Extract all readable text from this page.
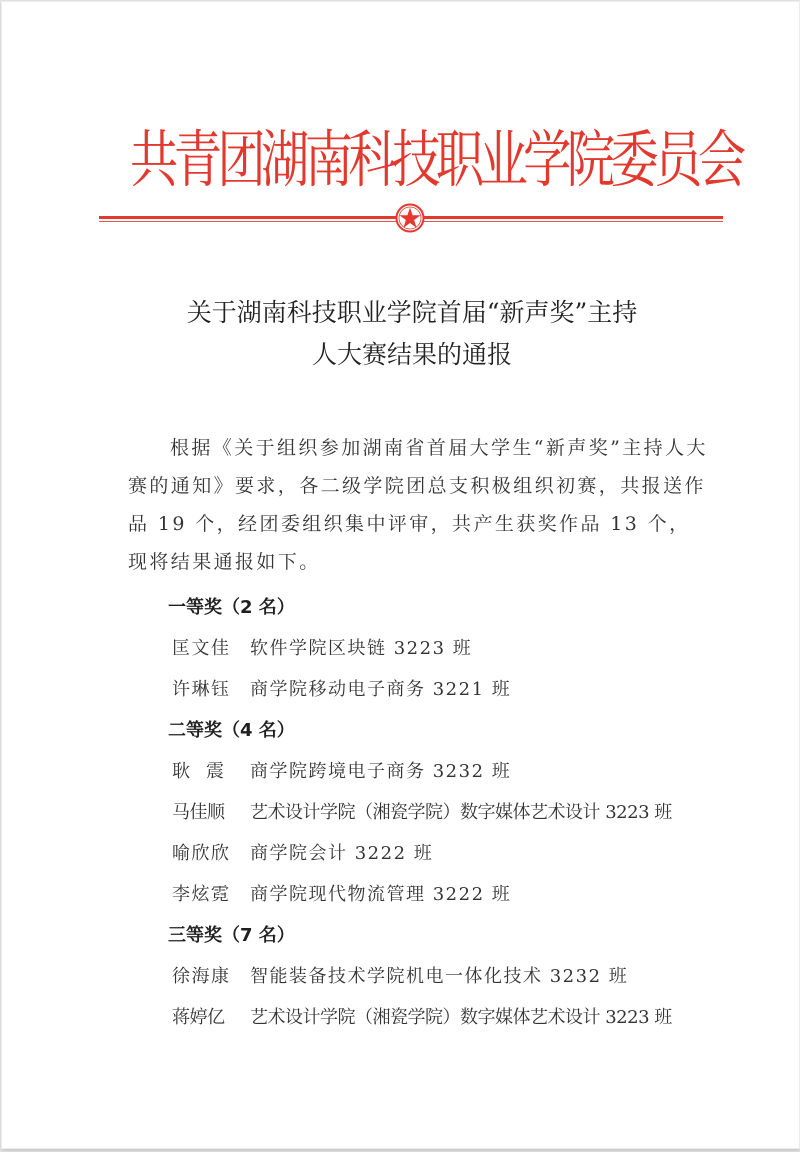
共青团湖南科技职业学院委员会
关于湖南科技职业学院首届“新声奖”主持
人大赛结果的通报

根据《关于组织参加湖南省首届大学生“新声奖”主持人大赛的通知》要求，各二级学院团总支积极组织初赛，共报送作品 19 个，经团委组织集中评审，共产生获奖作品 13 个，现将结果通报如下。

一等奖（2 名）
匡文佳 软件学院区块链 3223 班
许琳钰 商学院移动电子商务 3221 班
二等奖（4 名）
耿震 商学院跨境电子商务 3232 班
马佳顺 艺术设计学院（湘瓷学院）数字媒体艺术设计 3223 班
喻欣欣 商学院会计 3222 班
李炫霓 商学院现代物流管理 3222 班
三等奖（7 名）
徐海康 智能装备技术学院机电一体化技术 3232 班
蒋婷亿 艺术设计学院（湘瓷学院）数字媒体艺术设计 3223 班
